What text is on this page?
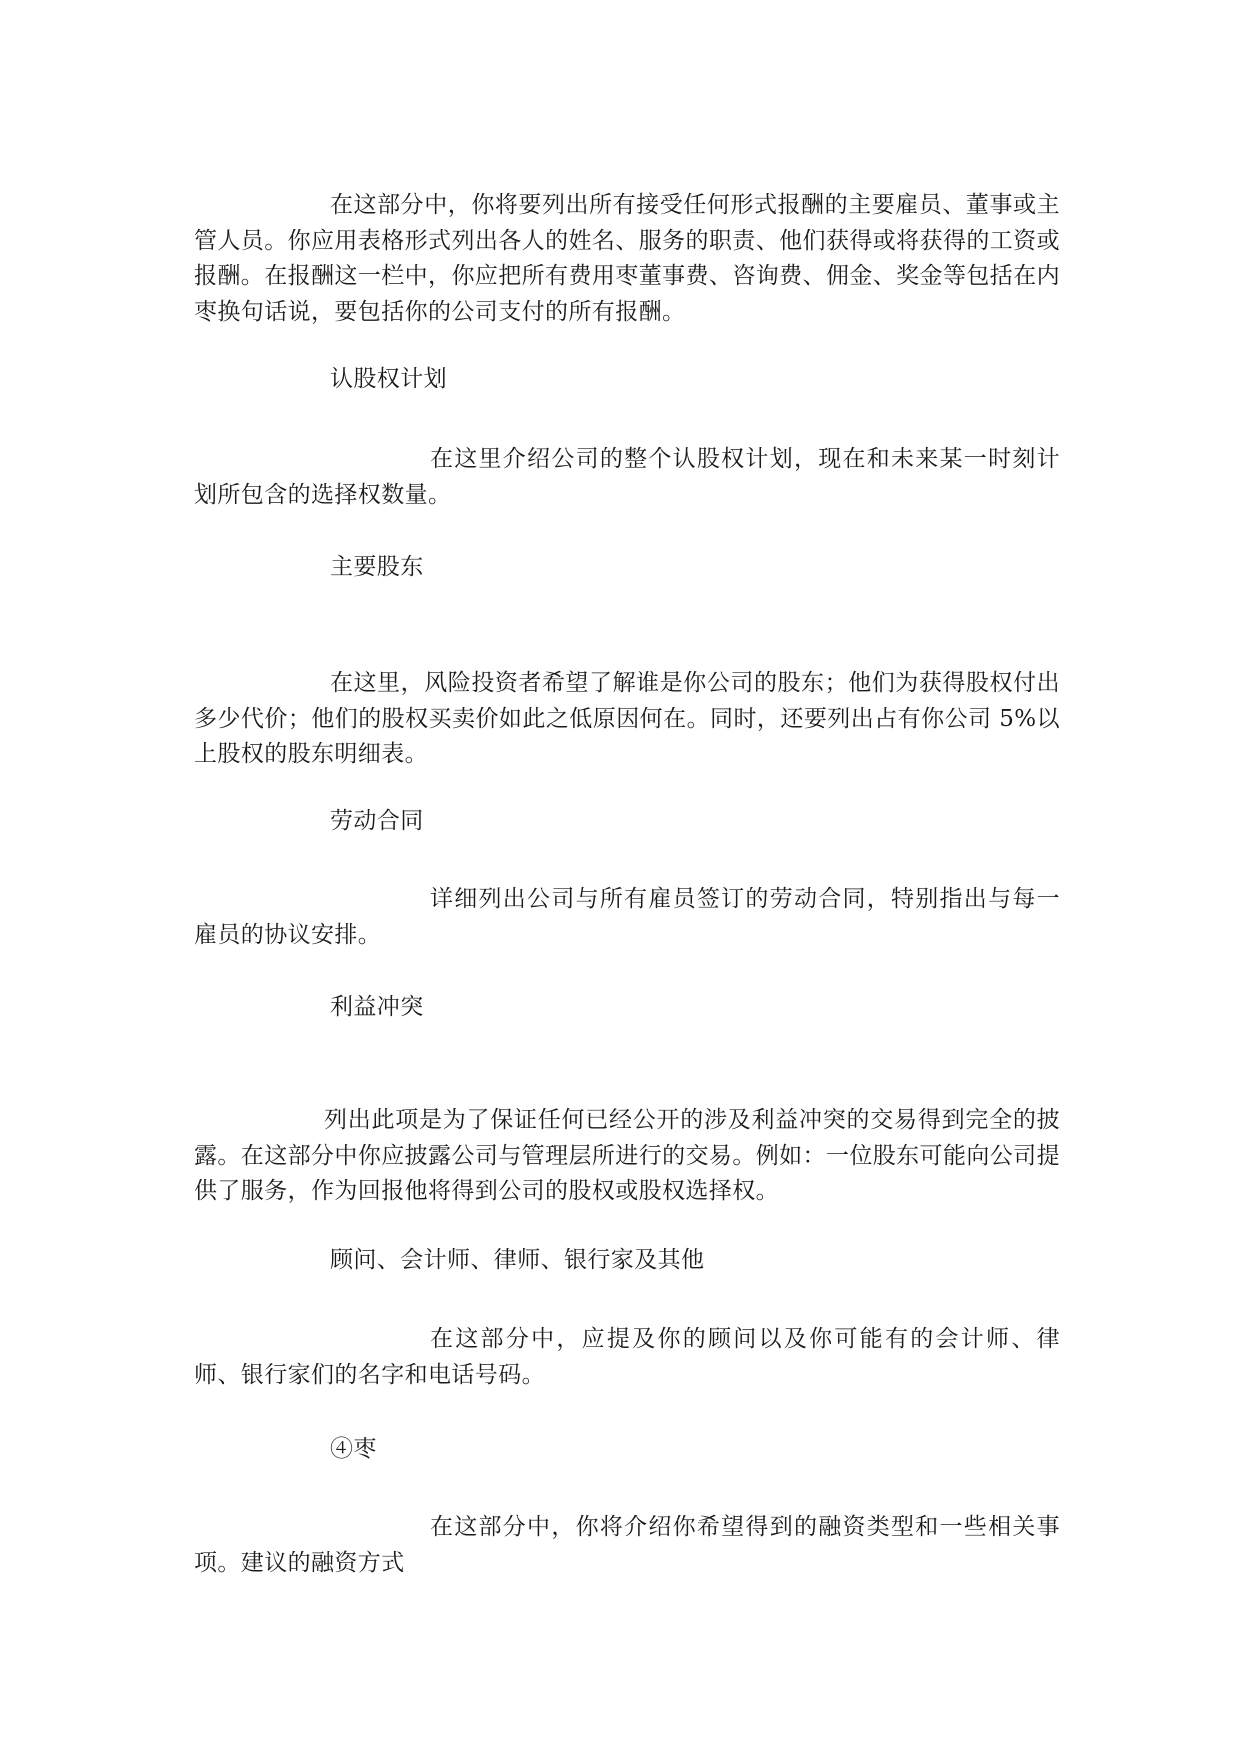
在这部分中，你将要列出所有接受任何形式报酬的主要雇员、董事或主管人员。你应用表格形式列出各人的姓名、服务的职责、他们获得或将获得的工资或报酬。在报酬这一栏中，你应把所有费用枣董事费、咨询费、佣金、奖金等包括在内枣换句话说，要包括你的公司支付的所有报酬。

认股权计划

在这里介绍公司的整个认股权计划，现在和未来某一时刻计划所包含的选择权数量。

主要股东

在这里，风险投资者希望了解谁是你公司的股东；他们为获得股权付出多少代价；他们的股权买卖价如此之低原因何在。同时，还要列出占有你公司 5%以上股权的股东明细表。

劳动合同

详细列出公司与所有雇员签订的劳动合同，特别指出与每一雇员的协议安排。

利益冲突

列出此项是为了保证任何已经公开的涉及利益冲突的交易得到完全的披露。在这部分中你应披露公司与管理层所进行的交易。例如：一位股东可能向公司提供了服务，作为回报他将得到公司的股权或股权选择权。

顾问、会计师、律师、银行家及其他

在这部分中，应提及你的顾问以及你可能有的会计师、律师、银行家们的名字和电话号码。

④枣

在这部分中，你将介绍你希望得到的融资类型和一些相关事项。建议的融资方式
